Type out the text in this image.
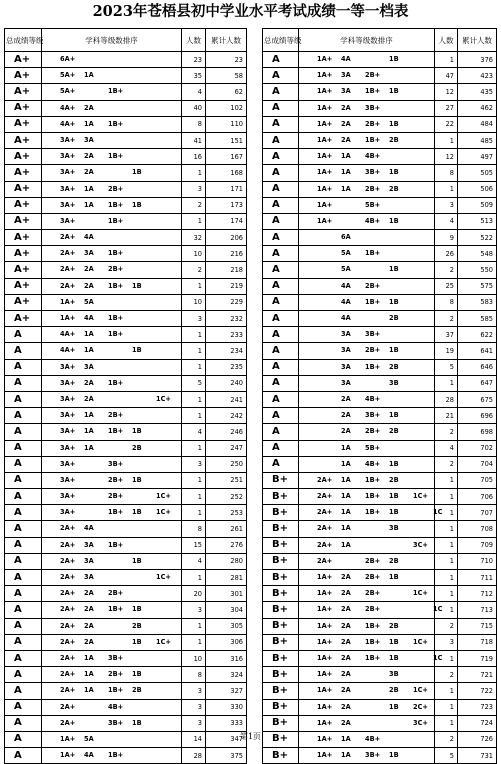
2023年苍梧县初中学业水平考试成绩一等一档表
总成绩等级	学科等级数排序	人数	累计人数
A+	6A+	23	23
A+	5A+ 1A	35	58
A+	5A+ 1B+	4	62
A+	4A+ 2A	40	102
A+	4A+ 1A 1B+	8	110
A+	3A+ 3A	41	151
A+	3A+ 2A 1B+	16	167
A+	3A+ 2A 1B	1	168
A+	3A+ 1A 2B+	3	171
A+	3A+ 1A 1B+ 1B	2	173
A+	3A+ 1B+	1	174
A+	2A+ 4A	32	206
A+	2A+ 3A 1B+	10	216
A+	2A+ 2A 2B+	2	218
A+	2A+ 2A 1B+ 1B	1	219
A+	1A+ 5A	10	229
A+	1A+ 4A 1B+	3	232
A	4A+ 1A 1B+	1	233
A	4A+ 1A 1B	1	234
A	3A+ 3A	1	235
A	3A+ 2A 1B+	5	240
A	3A+ 2A 1C+	1	241
A	3A+ 1A 2B+	1	242
A	3A+ 1A 1B+ 1B	4	246
A	3A+ 1A 2B	1	247
A	3A+ 3B+	3	250
A	3A+ 2B+ 1B	1	251
A	3A+ 2B+ 1C+	1	252
A	3A+ 1B+ 1B 1C+	1	253
A	2A+ 4A	8	261
A	2A+ 3A 1B+	15	276
A	2A+ 3A 1B	4	280
A	2A+ 3A 1C+	1	281
A	2A+ 2A 2B+	20	301
A	2A+ 2A 1B+ 1B	3	304
A	2A+ 2A 2B	1	305
A	2A+ 2A 1B 1C+	1	306
A	2A+ 1A 3B+	10	316
A	2A+ 1A 2B+ 1B	8	324
A	2A+ 1A 1B+ 2B	3	327
A	2A+ 4B+	3	330
A	2A+ 3B+ 1B	3	333
A	1A+ 5A	14	347
A	1A+ 4A 1B+	28	375
总成绩等级	学科等级数排序	人数	累计人数
A	1A+ 4A 1B	1	376
A	1A+ 3A 2B+	47	423
A	1A+ 3A 1B+ 1B	12	435
A	1A+ 2A 3B+	27	462
A	1A+ 2A 2B+ 1B	22	484
A	1A+ 2A 1B+ 2B	1	485
A	1A+ 1A 4B+	12	497
A	1A+ 1A 3B+ 1B	8	505
A	1A+ 1A 2B+ 2B	1	506
A	1A+ 5B+	3	509
A	1A+ 4B+ 1B	4	513
A	6A	9	522
A	5A 1B+	26	548
A	5A 1B	2	550
A	4A 2B+	25	575
A	4A 1B+ 1B	8	583
A	4A 2B	2	585
A	3A 3B+	37	622
A	3A 2B+ 1B	19	641
A	3A 1B+ 2B	5	646
A	3A 3B	1	647
A	2A 4B+	28	675
A	2A 3B+ 1B	21	696
A	2A 2B+ 2B	2	698
A	1A 5B+	4	702
A	1A 4B+ 1B	2	704
B+	2A+ 1A 1B+ 2B	1	705
B+	2A+ 1A 1B+ 1B 1C+	1	706
B+	2A+ 1A 1B+ 1B 1C	1	707
B+	2A+ 1A 3B	1	708
B+	2A+ 1A 3C+	1	709
B+	2A+ 2B+ 2B	1	710
B+	1A+ 2A 2B+ 1B	1	711
B+	1A+ 2A 2B+ 1C+	1	712
B+	1A+ 2A 2B+ 1C	1	713
B+	1A+ 2A 1B+ 2B	2	715
B+	1A+ 2A 1B+ 1B 1C+	3	718
B+	1A+ 2A 1B+ 1B 1C	1	719
B+	1A+ 2A 3B	2	721
B+	1A+ 2A 2B 1C+	1	722
B+	1A+ 2A 1B 2C+	1	723
B+	1A+ 2A 3C+	1	724
B+	1A+ 1A 4B+	2	726
B+	1A+ 1A 3B+ 1B	5	731
第1页
